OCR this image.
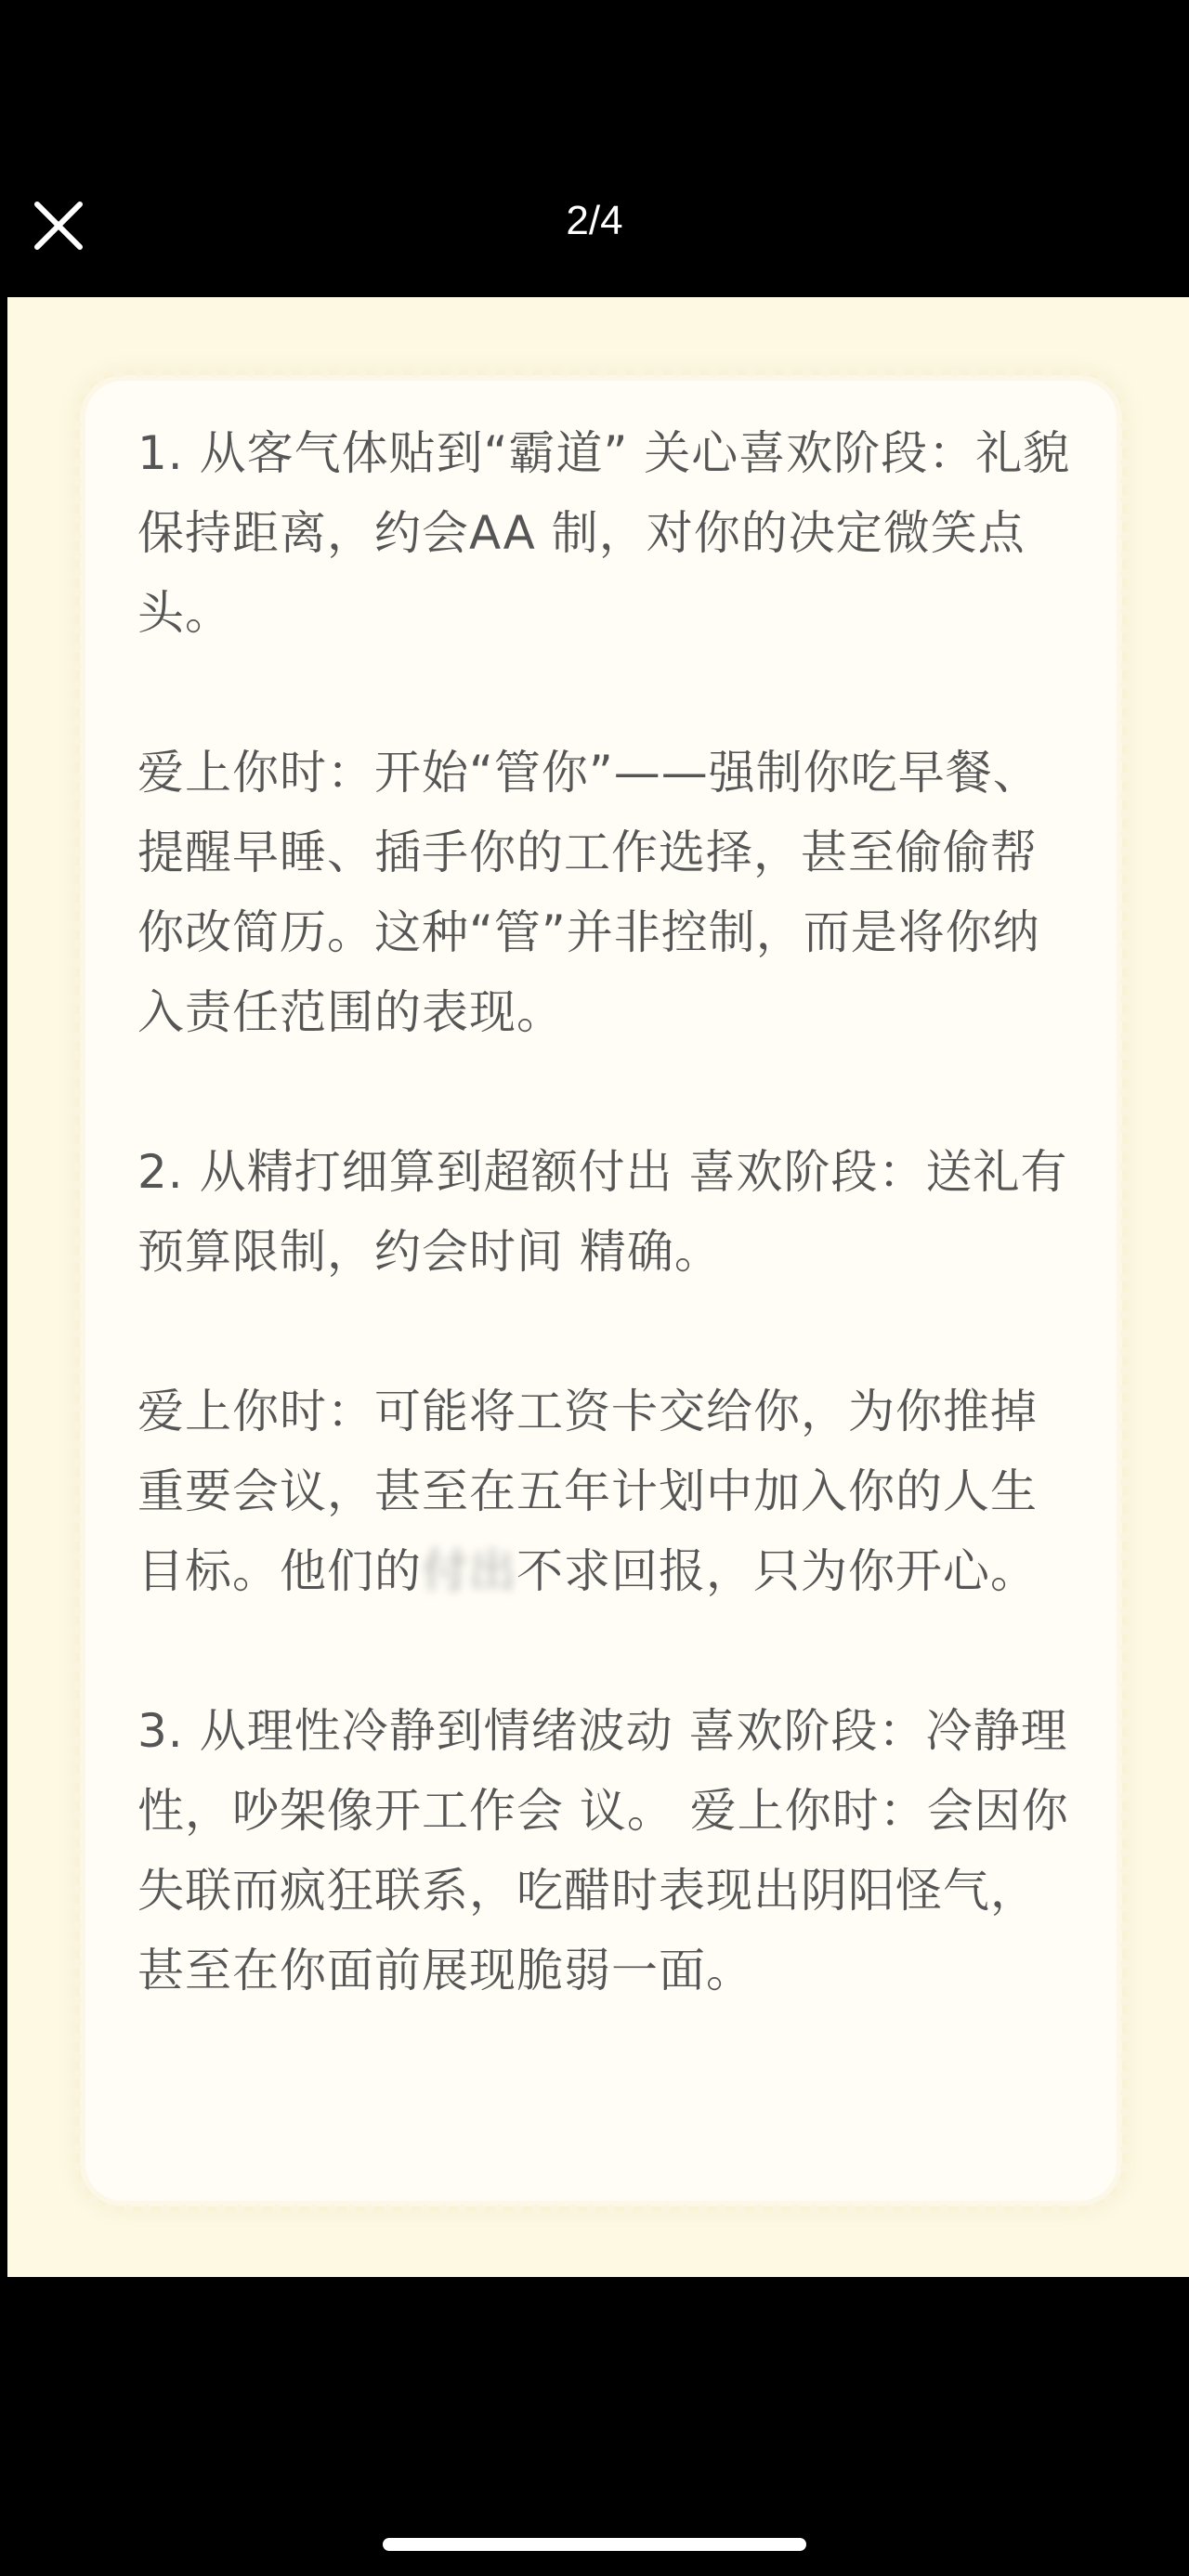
2/4

1. 从客气体贴到“霸道” 关心喜欢阶段：礼貌保持距离，约会AA 制，对你的决定微笑点头。

爱上你时：开始“管你”——强制你吃早餐、提醒早睡、插手你的工作选择，甚至偷偷帮你改简历。这种“管”并非控制，而是将你纳入责任范围的表现。

2. 从精打细算到超额付出 喜欢阶段：送礼有预算限制，约会时间 精确。

爱上你时：可能将工资卡交给你，为你推掉重要会议，甚至在五年计划中加入你的人生目标。他们的付出不求回报，只为你开心。

3. 从理性冷静到情绪波动 喜欢阶段：冷静理性，吵架像开工作会 议。 爱上你时：会因你失联而疯狂联系，吃醋时表现出阴阳怪气，甚至在你面前展现脆弱一面。
